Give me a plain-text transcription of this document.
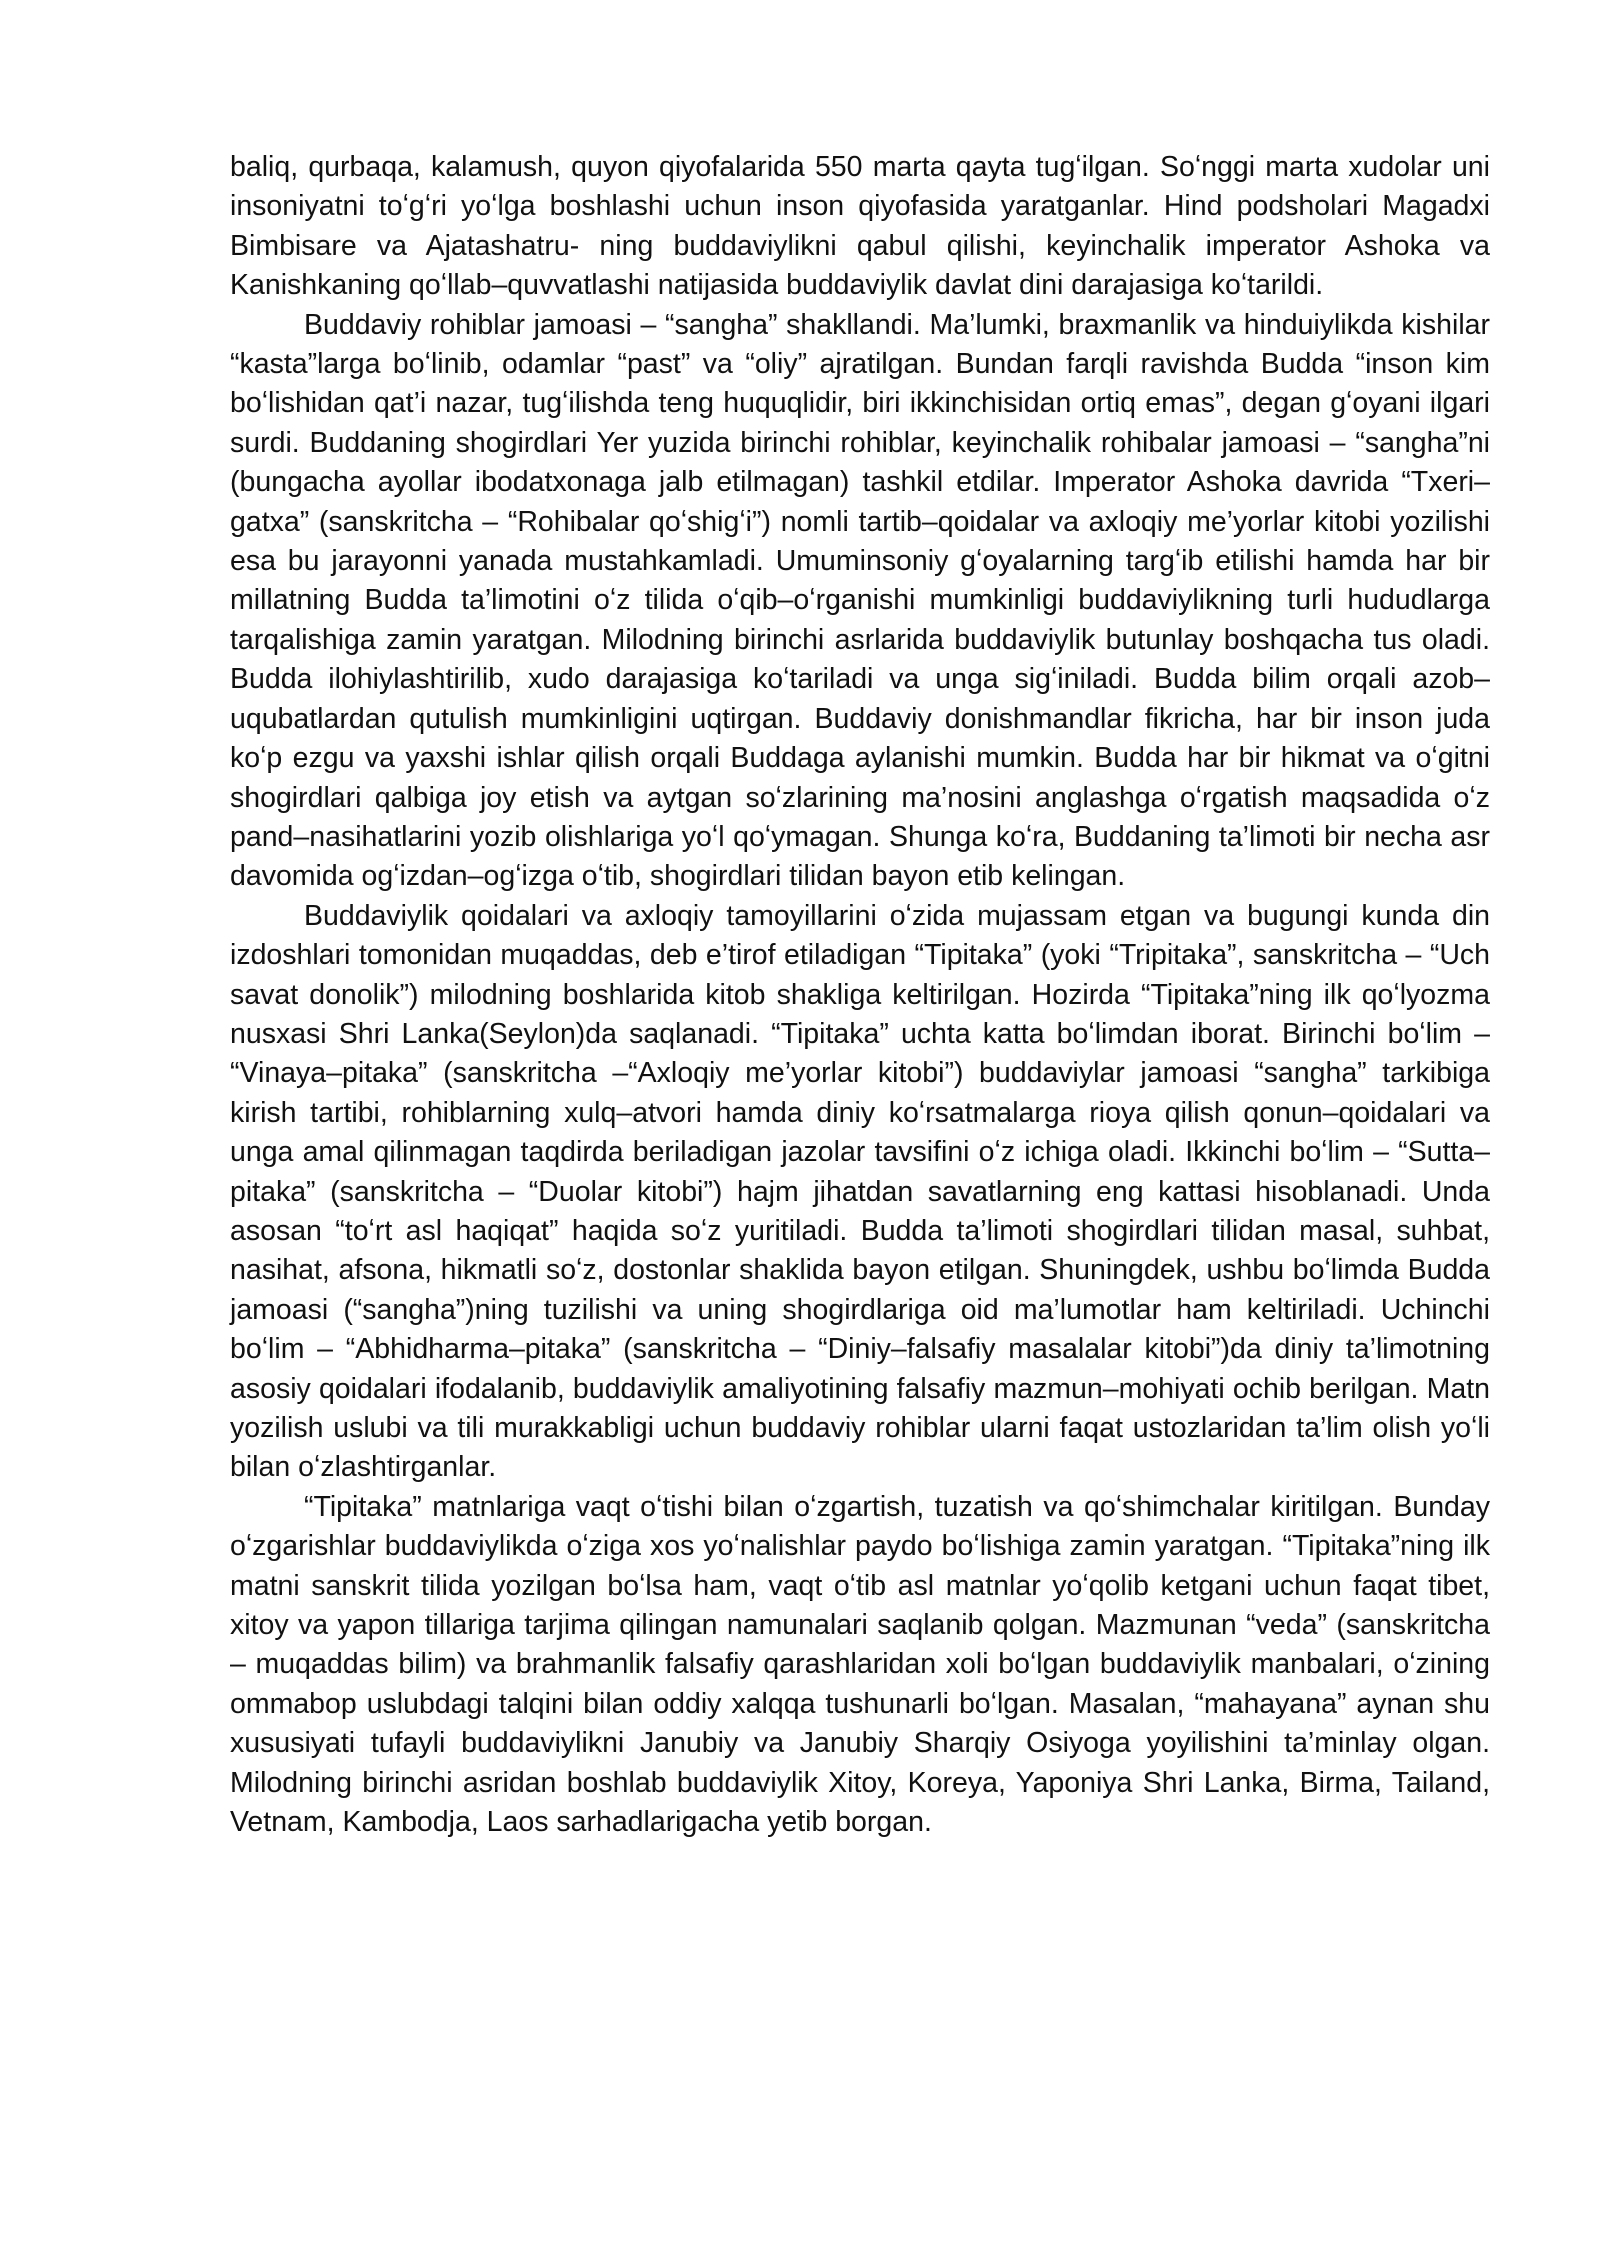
baliq, qurbaqa, kalamush, quyon qiyofalarida 550 marta qayta tugʻilgan. Soʻnggi marta xudolar uni insoniyatni toʻgʻri yoʻlga boshlashi uchun inson qiyofasida yaratganlar. Hind podsholari Magadxi Bimbisare va Ajatashatru- ning buddaviylikni qabul qilishi, keyinchalik imperator Ashoka va Kanishkaning qoʻllab–quvvatlashi natijasida buddaviylik davlat dini darajasiga koʻtarildi.

Buddaviy rohiblar jamoasi – “sangha” shakllandi. Ma’lumki, braxmanlik va hinduiylikda kishilar “kasta”larga boʻlinib, odamlar “past” va “oliy” ajratilgan. Bundan farqli ravishda Budda “inson kim boʻlishidan qat’i nazar, tugʻilishda teng huquqlidir, biri ikkinchisidan ortiq emas”, degan gʻoyani ilgari surdi. Buddaning shogirdlari Yer yuzida birinchi rohiblar, keyinchalik rohibalar jamoasi – “sangha”ni (bungacha ayollar ibodatxonaga jalb etilmagan) tashkil etdilar. Imperator Ashoka davrida “Txeri–gatxa” (sanskritcha – “Rohibalar qoʻshigʻi”) nomli tartib–qoidalar va axloqiy me’yorlar kitobi yozilishi esa bu jarayonni yanada mustahkamladi. Umuminsoniy gʻoyalarning targʻib etilishi hamda har bir millatning Budda ta’limotini oʻz tilida oʻqib–oʻrganishi mumkinligi buddaviylikning turli hududlarga tarqalishiga zamin yaratgan. Milodning birinchi asrlarida buddaviylik butunlay boshqacha tus oladi. Budda ilohiylashtirilib, xudo darajasiga koʻtariladi va unga sigʻiniladi. Budda bilim orqali azob–uqubatlardan qutulish mumkinligini uqtirgan. Buddaviy donishmandlar fikricha, har bir inson juda koʻp ezgu va yaxshi ishlar qilish orqali Buddaga aylanishi mumkin. Budda har bir hikmat va oʻgitni shogirdlari qalbiga joy etish va aytgan soʻzlarining ma’nosini anglashga oʻrgatish maqsadida oʻz pand–nasihatlarini yozib olishlariga yoʻl qoʻymagan. Shunga koʻra, Buddaning ta’limoti bir necha asr davomida ogʻizdan–ogʻizga oʻtib, shogirdlari tilidan bayon etib kelingan.

Buddaviylik qoidalari va axloqiy tamoyillarini oʻzida mujassam etgan va bugungi kunda din izdoshlari tomonidan muqaddas, deb e’tirof etiladigan “Tipitaka” (yoki “Tripitaka”, sanskritcha – “Uch savat donolik”) milodning boshlarida kitob shakliga keltirilgan. Hozirda “Tipitaka”ning ilk qoʻlyozma nusxasi Shri Lanka(Seylon)da saqlanadi. “Tipitaka” uchta katta boʻlimdan iborat. Birinchi boʻlim – “Vinaya–pitaka” (sanskritcha –“Axloqiy me’yorlar kitobi”) buddaviylar jamoasi “sangha” tarkibiga kirish tartibi, rohiblarning xulq–atvori hamda diniy koʻrsatmalarga rioya qilish qonun–qoidalari va unga amal qilinmagan taqdirda beriladigan jazolar tavsifini oʻz ichiga oladi. Ikkinchi boʻlim – “Sutta–pitaka” (sanskritcha – “Duolar kitobi”) hajm jihatdan savatlarning eng kattasi hisoblanadi. Unda asosan “toʻrt asl haqiqat” haqida soʻz yuritiladi. Budda ta’limoti shogirdlari tilidan masal, suhbat, nasihat, afsona, hikmatli soʻz, dostonlar shaklida bayon etilgan. Shuningdek, ushbu boʻlimda Budda jamoasi (“sangha”)ning tuzilishi va uning shogirdlariga oid ma’lumotlar ham keltiriladi. Uchinchi boʻlim – “Abhidharma–pitaka” (sanskritcha – “Diniy–falsafiy masalalar kitobi”)da diniy ta’limotning asosiy qoidalari ifodalanib, buddaviylik amaliyotining falsafiy mazmun–mohiyati ochib berilgan. Matn yozilish uslubi va tili murakkabligi uchun buddaviy rohiblar ularni faqat ustozlaridan ta’lim olish yoʻli bilan oʻzlashtirganlar.

“Tipitaka” matnlariga vaqt oʻtishi bilan oʻzgartish, tuzatish va qoʻshimchalar kiritilgan. Bunday oʻzgarishlar buddaviylikda oʻziga xos yoʻnalishlar paydo boʻlishiga zamin yaratgan. “Tipitaka”ning ilk matni sanskrit tilida yozilgan boʻlsa ham, vaqt oʻtib asl matnlar yoʻqolib ketgani uchun faqat tibet, xitoy va yapon tillariga tarjima qilingan namunalari saqlanib qolgan. Mazmunan “veda” (sanskritcha – muqaddas bilim) va brahmanlik falsafiy qarashlaridan xoli boʻlgan buddaviylik manbalari, oʻzining ommabop uslubdagi talqini bilan oddiy xalqqa tushunarli boʻlgan. Masalan, “mahayana” aynan shu xususiyati tufayli buddaviylikni Janubiy va Janubiy Sharqiy Osiyoga yoyilishini ta’minlay olgan. Milodning birinchi asridan boshlab buddaviylik Xitoy, Koreya, Yaponiya Shri Lanka, Birma, Tailand, Vetnam, Kambodja, Laos sarhadlarigacha yetib borgan.
